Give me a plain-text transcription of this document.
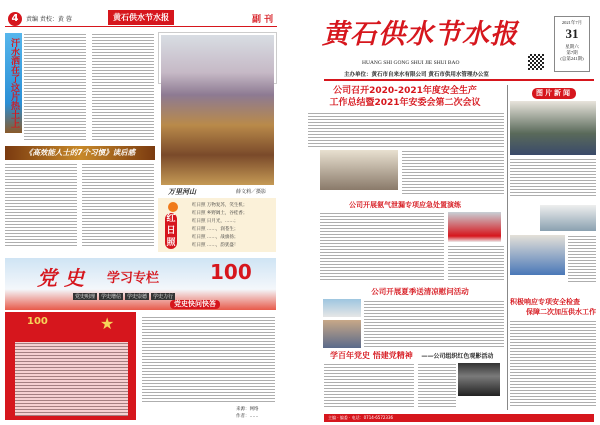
4	责编 责校：黄 蓉	黄石供水节水报	副 刊
汗水洒在了这片热土上
万里河山	薛文莉／摄影
《高效能人士的7个习惯》读后感
红日照
红日照 万物复苏，笑生机；
红日照 乡野阔土，谷桂香；
红日照 日月光，……；
红日照 ……，润苍生；
红日照 ……，战旗扬；
红日照 ……，韵犹盛！
党 史 学习专栏	100
党史明理	学史增信	学史崇德	学史力行
党史快问快答
100	★
来源：网络
作者：……
黄石供水节水报
HUANG SHI GONG SHUI JIE SHUI BAO
主办单位：黄石市自来水有限公司 黄石市供用水管理办公室
2021年7月
31
星期六
第7期
(总第241期)
公司召开2020-2021年度安全生产
工作总结暨2021年安委会第二次会议
公司开展氨气泄漏专项应急处置演练
公司开展夏季送清凉慰问活动
学百年党史 悟建党精神 ——公司组织红色观影活动
图片新闻
积极响应专项安全检查
保障二次加压供水工作
主编 · 编委 · 电话：0714-6572336
